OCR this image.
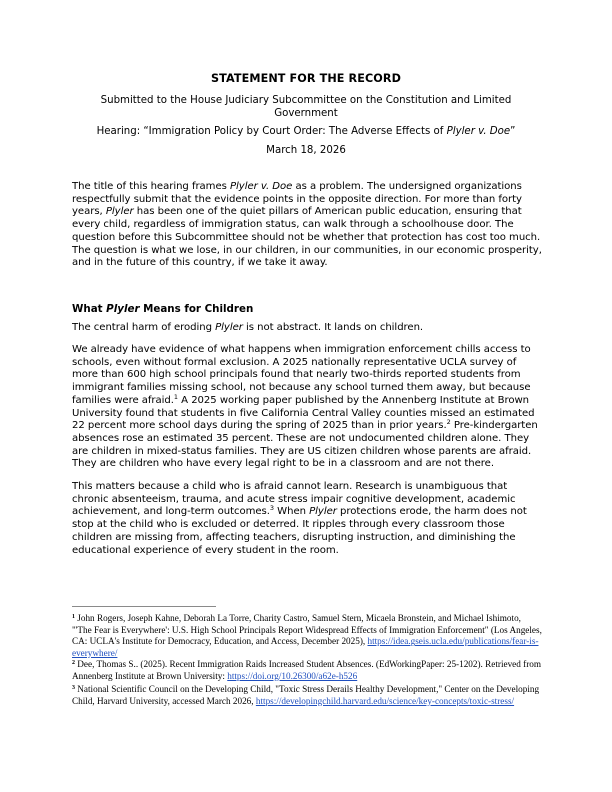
STATEMENT FOR THE RECORD
Submitted to the House Judiciary Subcommittee on the Constitution and Limited Government
Hearing: “Immigration Policy by Court Order: The Adverse Effects of Plyler v. Doe”
March 18, 2026
The title of this hearing frames Plyler v. Doe as a problem. The undersigned organizations respectfully submit that the evidence points in the opposite direction. For more than forty years, Plyler has been one of the quiet pillars of American public education, ensuring that every child, regardless of immigration status, can walk through a schoolhouse door. The question before this Subcommittee should not be whether that protection has cost too much. The question is what we lose, in our children, in our communities, in our economic prosperity, and in the future of this country, if we take it away.
What Plyler Means for Children
The central harm of eroding Plyler is not abstract. It lands on children.
We already have evidence of what happens when immigration enforcement chills access to schools, even without formal exclusion. A 2025 nationally representative UCLA survey of more than 600 high school principals found that nearly two-thirds reported students from immigrant families missing school, not because any school turned them away, but because families were afraid.$^1$ A 2025 working paper published by the Annenberg Institute at Brown University found that students in five California Central Valley counties missed an estimated 22 percent more school days during the spring of 2025 than in prior years.$^2$ Pre-kindergarten absences rose an estimated 35 percent. These are not undocumented children alone. They are children in mixed-status families. They are US citizen children whose parents are afraid. They are children who have every legal right to be in a classroom and are not there.
This matters because a child who is afraid cannot learn. Research is unambiguous that chronic absenteeism, trauma, and acute stress impair cognitive development, academic achievement, and long-term outcomes.$^3$ When Plyler protections erode, the harm does not stop at the child who is excluded or deterred. It ripples through every classroom those children are missing from, affecting teachers, disrupting instruction, and diminishing the educational experience of every student in the room.
$^1$ John Rogers, Joseph Kahne, Deborah La Torre, Charity Castro, Samuel Stern, Micaela Bronstein, and Michael Ishimoto, "'The Fear is Everywhere': U.S. High School Principals Report Widespread Effects of Immigration Enforcement" (Los Angeles, CA: UCLA's Institute for Democracy, Education, and Access, December 2025), https://idea.gseis.ucla.edu/publications/fear-is-everywhere/
$^2$ Dee, Thomas S.. (2025). Recent Immigration Raids Increased Student Absences. (EdWorkingPaper: 25-1202). Retrieved from Annenberg Institute at Brown University: https://doi.org/10.26300/a62e-h526
$^3$ National Scientific Council on the Developing Child, "Toxic Stress Derails Healthy Development," Center on the Developing Child, Harvard University, accessed March 2026, https://developingchild.harvard.edu/science/key-concepts/toxic-stress/
